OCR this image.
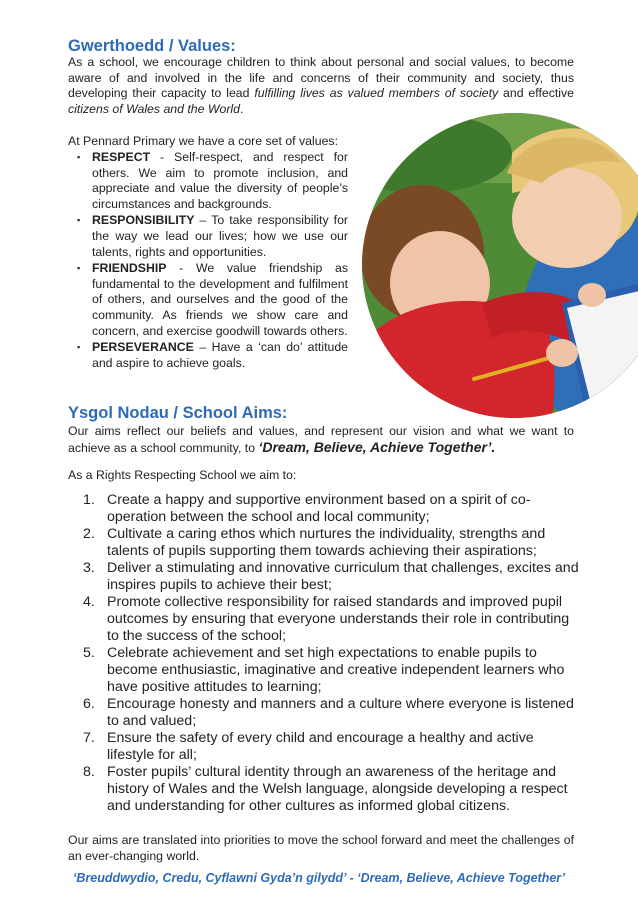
Gwerthoedd / Values:

As a school, we encourage children to think about personal and social values, to become aware of and involved in the life and concerns of their community and society, thus developing their capacity to lead fulfilling lives as valued members of society and effective citizens of Wales and the World.

At Pennard Primary we have a core set of values:

▪ RESPECT - Self-respect, and respect for others. We aim to promote inclusion, and appreciate and value the diversity of people’s circumstances and backgrounds.
▪ RESPONSIBILITY – To take responsibility for the way we lead our lives; how we use our talents, rights and opportunities.
▪ FRIENDSHIP - We value friendship as fundamental to the development and fulfilment of others, and ourselves and the good of the community. As friends we show care and concern, and exercise goodwill towards others.
▪ PERSEVERANCE – Have a ‘can do’ attitude and aspire to achieve goals.
Ysgol Nodau / School Aims:

Our aims reflect our beliefs and values, and represent our vision and what we want to achieve as a school community, to ‘Dream, Believe, Achieve Together’.

As a Rights Respecting School we aim to:

1. Create a happy and supportive environment based on a spirit of co-operation between the school and local community;
2. Cultivate a caring ethos which nurtures the individuality, strengths and talents of pupils supporting them towards achieving their aspirations;
3. Deliver a stimulating and innovative curriculum that challenges, excites and inspires pupils to achieve their best;
4. Promote collective responsibility for raised standards and improved pupil outcomes by ensuring that everyone understands their role in contributing to the success of the school;
5. Celebrate achievement and set high expectations to enable pupils to become enthusiastic, imaginative and creative independent learners who have positive attitudes to learning;
6. Encourage honesty and manners and a culture where everyone is listened to and valued;
7. Ensure the safety of every child and encourage a healthy and active lifestyle for all;
8. Foster pupils’ cultural identity through an awareness of the heritage and history of Wales and the Welsh language, alongside developing a respect and understanding for other cultures as informed global citizens.

Our aims are translated into priorities to move the school forward and meet the challenges of an ever-changing world.

‘Breuddwydio, Credu, Cyflawni Gyda’n gilydd’ - ‘Dream, Believe, Achieve Together’
